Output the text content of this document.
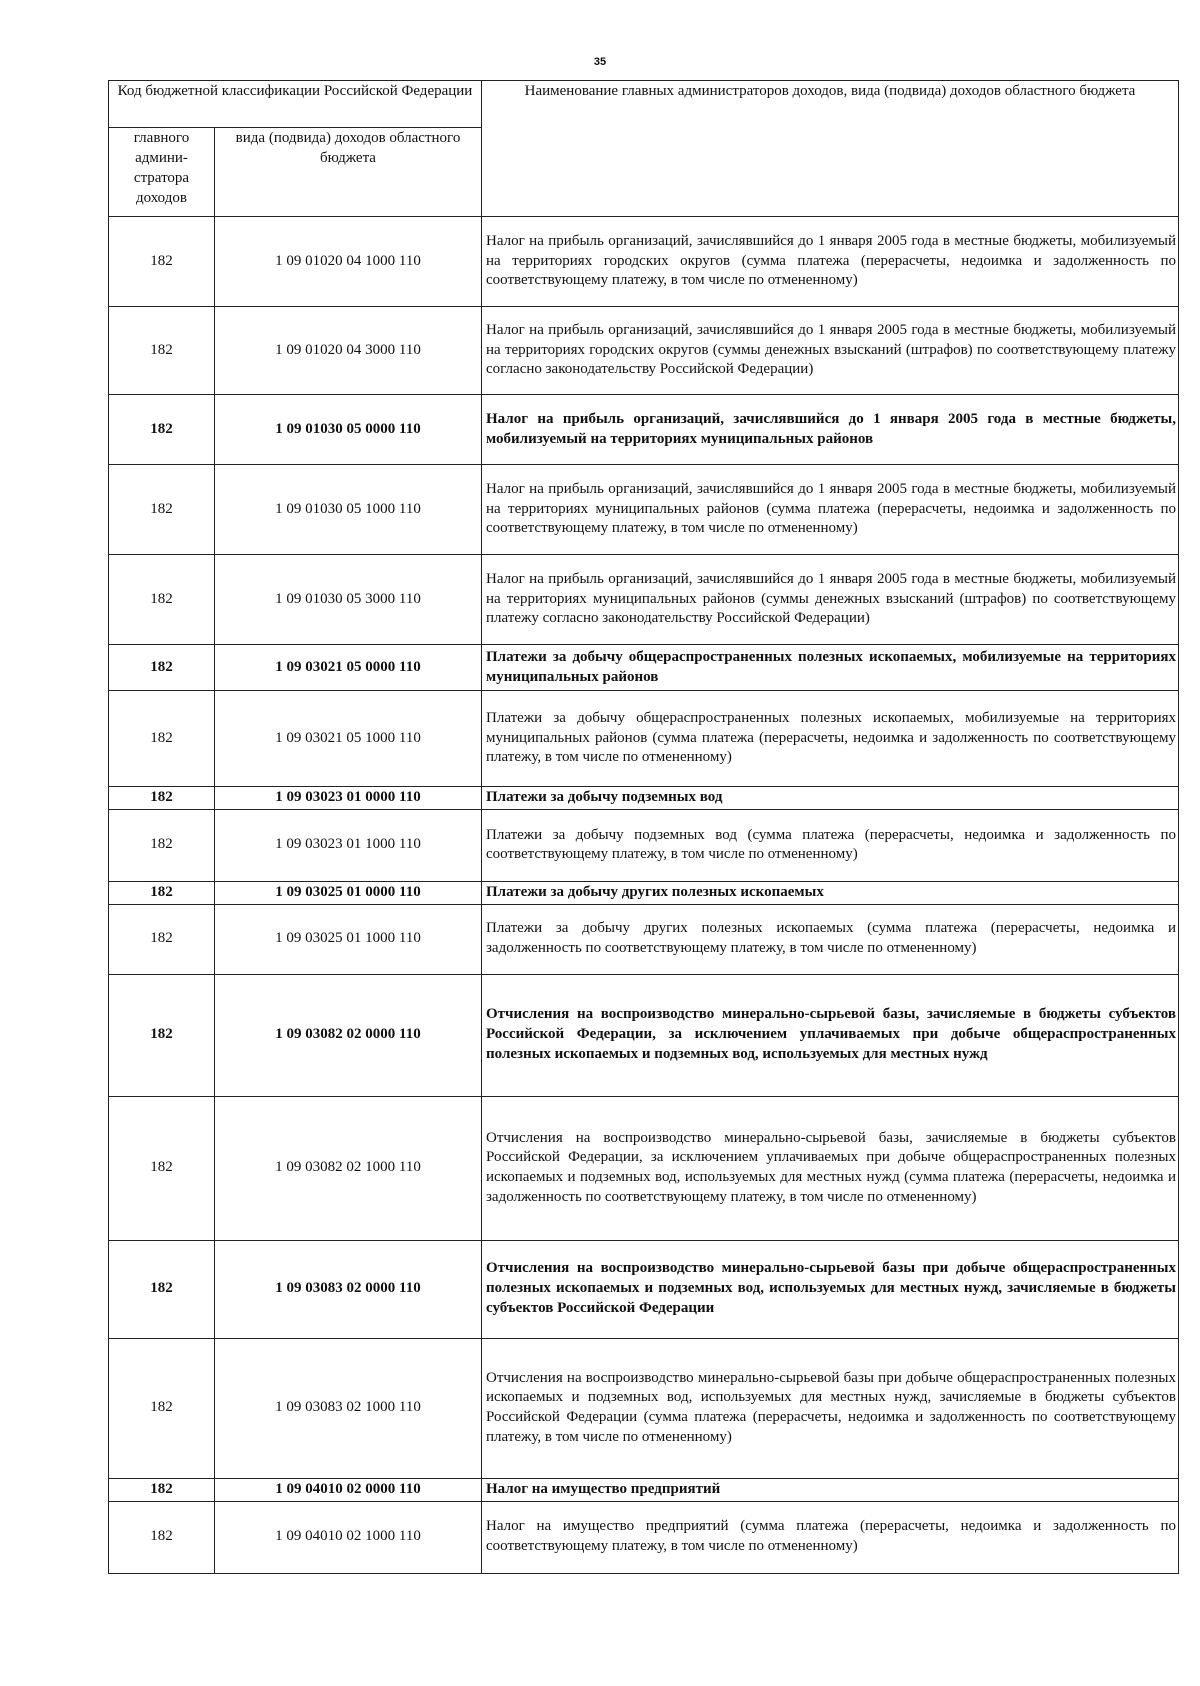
35
Код бюджетной классификации Российской Федерации		Наименование главных администраторов доходов, вида (подвида) доходов областного бюджета
главного админи-стратора доходов	вида (подвида) доходов областного бюджета	
182	1 09 01020 04 1000 110	Налог на прибыль организаций, зачислявшийся до 1 января 2005 года в местные бюджеты, мобилизуемый на территориях городских округов (сумма платежа (перерасчеты, недоимка и задолженность по соответствующему платежу, в том числе по отмененному)
182	1 09 01020 04 3000 110	Налог на прибыль организаций, зачислявшийся до 1 января 2005 года в местные бюджеты, мобилизуемый на территориях городских округов (суммы денежных взысканий (штрафов) по соответствующему платежу согласно законодательству Российской Федерации)
182	1 09 01030 05 0000 110	Налог на прибыль организаций, зачислявшийся до 1 января 2005 года в местные бюджеты, мобилизуемый на территориях муниципальных районов
182	1 09 01030 05 1000 110	Налог на прибыль организаций, зачислявшийся до 1 января 2005 года в местные бюджеты, мобилизуемый на территориях муниципальных районов (сумма платежа (перерасчеты, недоимка и задолженность по соответствующему платежу, в том числе по отмененному)
182	1 09 01030 05 3000 110	Налог на прибыль организаций, зачислявшийся до 1 января 2005 года в местные бюджеты, мобилизуемый на территориях муниципальных районов (суммы денежных взысканий (штрафов) по соответствующему платежу согласно законодательству Российской Федерации)
182	1 09 03021 05 0000 110	Платежи за добычу общераспространенных полезных ископаемых, мобилизуемые на территориях муниципальных районов
182	1 09 03021 05 1000 110	Платежи за добычу общераспространенных полезных ископаемых, мобилизуемые на территориях муниципальных районов (сумма платежа (перерасчеты, недоимка и задолженность по соответствующему платежу, в том числе по отмененному)
182	1 09 03023 01 0000 110	Платежи за добычу подземных вод
182	1 09 03023 01 1000 110	Платежи за добычу подземных вод (сумма платежа (перерасчеты, недоимка и задолженность по соответствующему платежу, в том числе по отмененному)
182	1 09 03025 01 0000 110	Платежи за добычу других полезных ископаемых
182	1 09 03025 01 1000 110	Платежи за добычу других полезных ископаемых (сумма платежа (перерасчеты, недоимка и задолженность по соответствующему платежу, в том числе по отмененному)
182	1 09 03082 02 0000 110	Отчисления на воспроизводство минерально-сырьевой базы, зачисляемые в бюджеты субъектов Российской Федерации, за исключением уплачиваемых при добыче общераспространенных полезных ископаемых и подземных вод, используемых для местных нужд
182	1 09 03082 02 1000 110	Отчисления на воспроизводство минерально-сырьевой базы, зачисляемые в бюджеты субъектов Российской Федерации, за исключением уплачиваемых при добыче общераспространенных полезных ископаемых и подземных вод, используемых для местных нужд (сумма платежа (перерасчеты, недоимка и задолженность по соответствующему платежу, в том числе по отмененному)
182	1 09 03083 02 0000 110	Отчисления на воспроизводство минерально-сырьевой базы при добыче общераспространенных полезных ископаемых и подземных вод, используемых для местных нужд, зачисляемые в бюджеты субъектов Российской Федерации
182	1 09 03083 02 1000 110	Отчисления на воспроизводство минерально-сырьевой базы при добыче общераспространенных полезных ископаемых и подземных вод, используемых для местных нужд, зачисляемые в бюджеты субъектов Российской Федерации (сумма платежа (перерасчеты, недоимка и задолженность по соответствующему платежу, в том числе по отмененному)
182	1 09 04010 02 0000 110	Налог на имущество предприятий
182	1 09 04010 02 1000 110	Налог на имущество предприятий (сумма платежа (перерасчеты, недоимка и задолженность по соответствующему платежу, в том числе по отмененному)
